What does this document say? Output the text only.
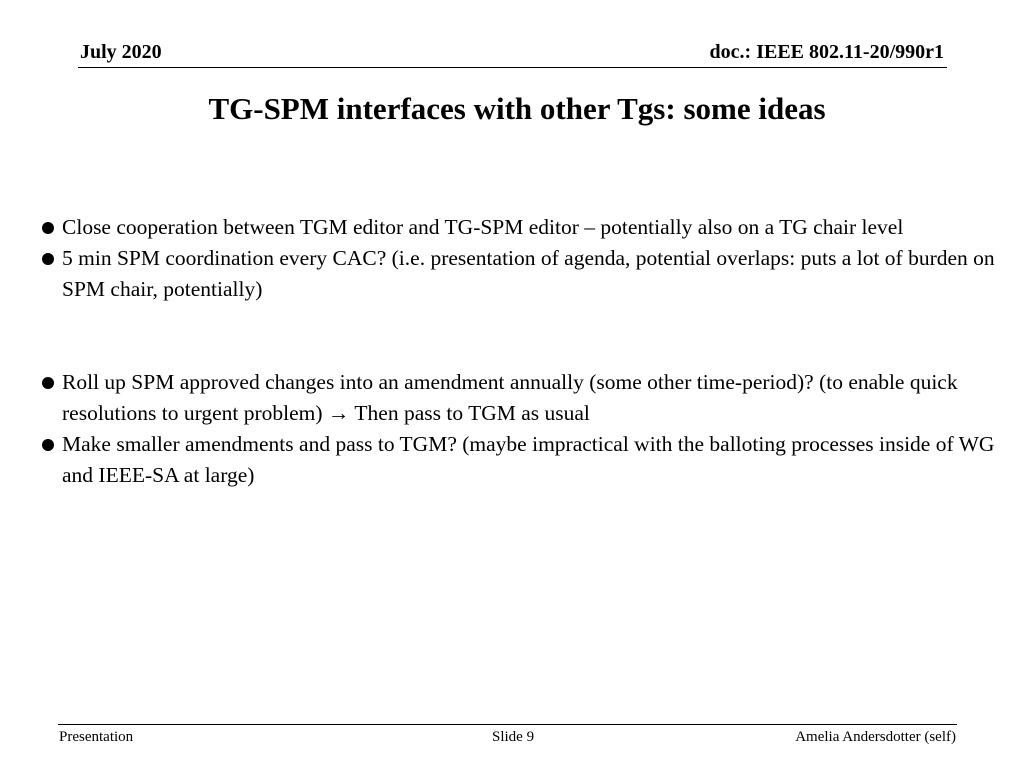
July 2020	doc.: IEEE 802.11-20/990r1
TG-SPM interfaces with other Tgs: some ideas
Close cooperation between TGM editor and TG-SPM editor – potentially also on a TG chair level
5 min SPM coordination every CAC? (i.e. presentation of agenda, potential overlaps: puts a lot of burden on SPM chair, potentially)
Roll up SPM approved changes into an amendment annually (some other time-period)? (to enable quick resolutions to urgent problem) → Then pass to TGM as usual
Make smaller amendments and pass to TGM? (maybe impractical with the balloting processes inside of WG and IEEE-SA at large)
Presentation	Slide 9	Amelia Andersdotter (self)
